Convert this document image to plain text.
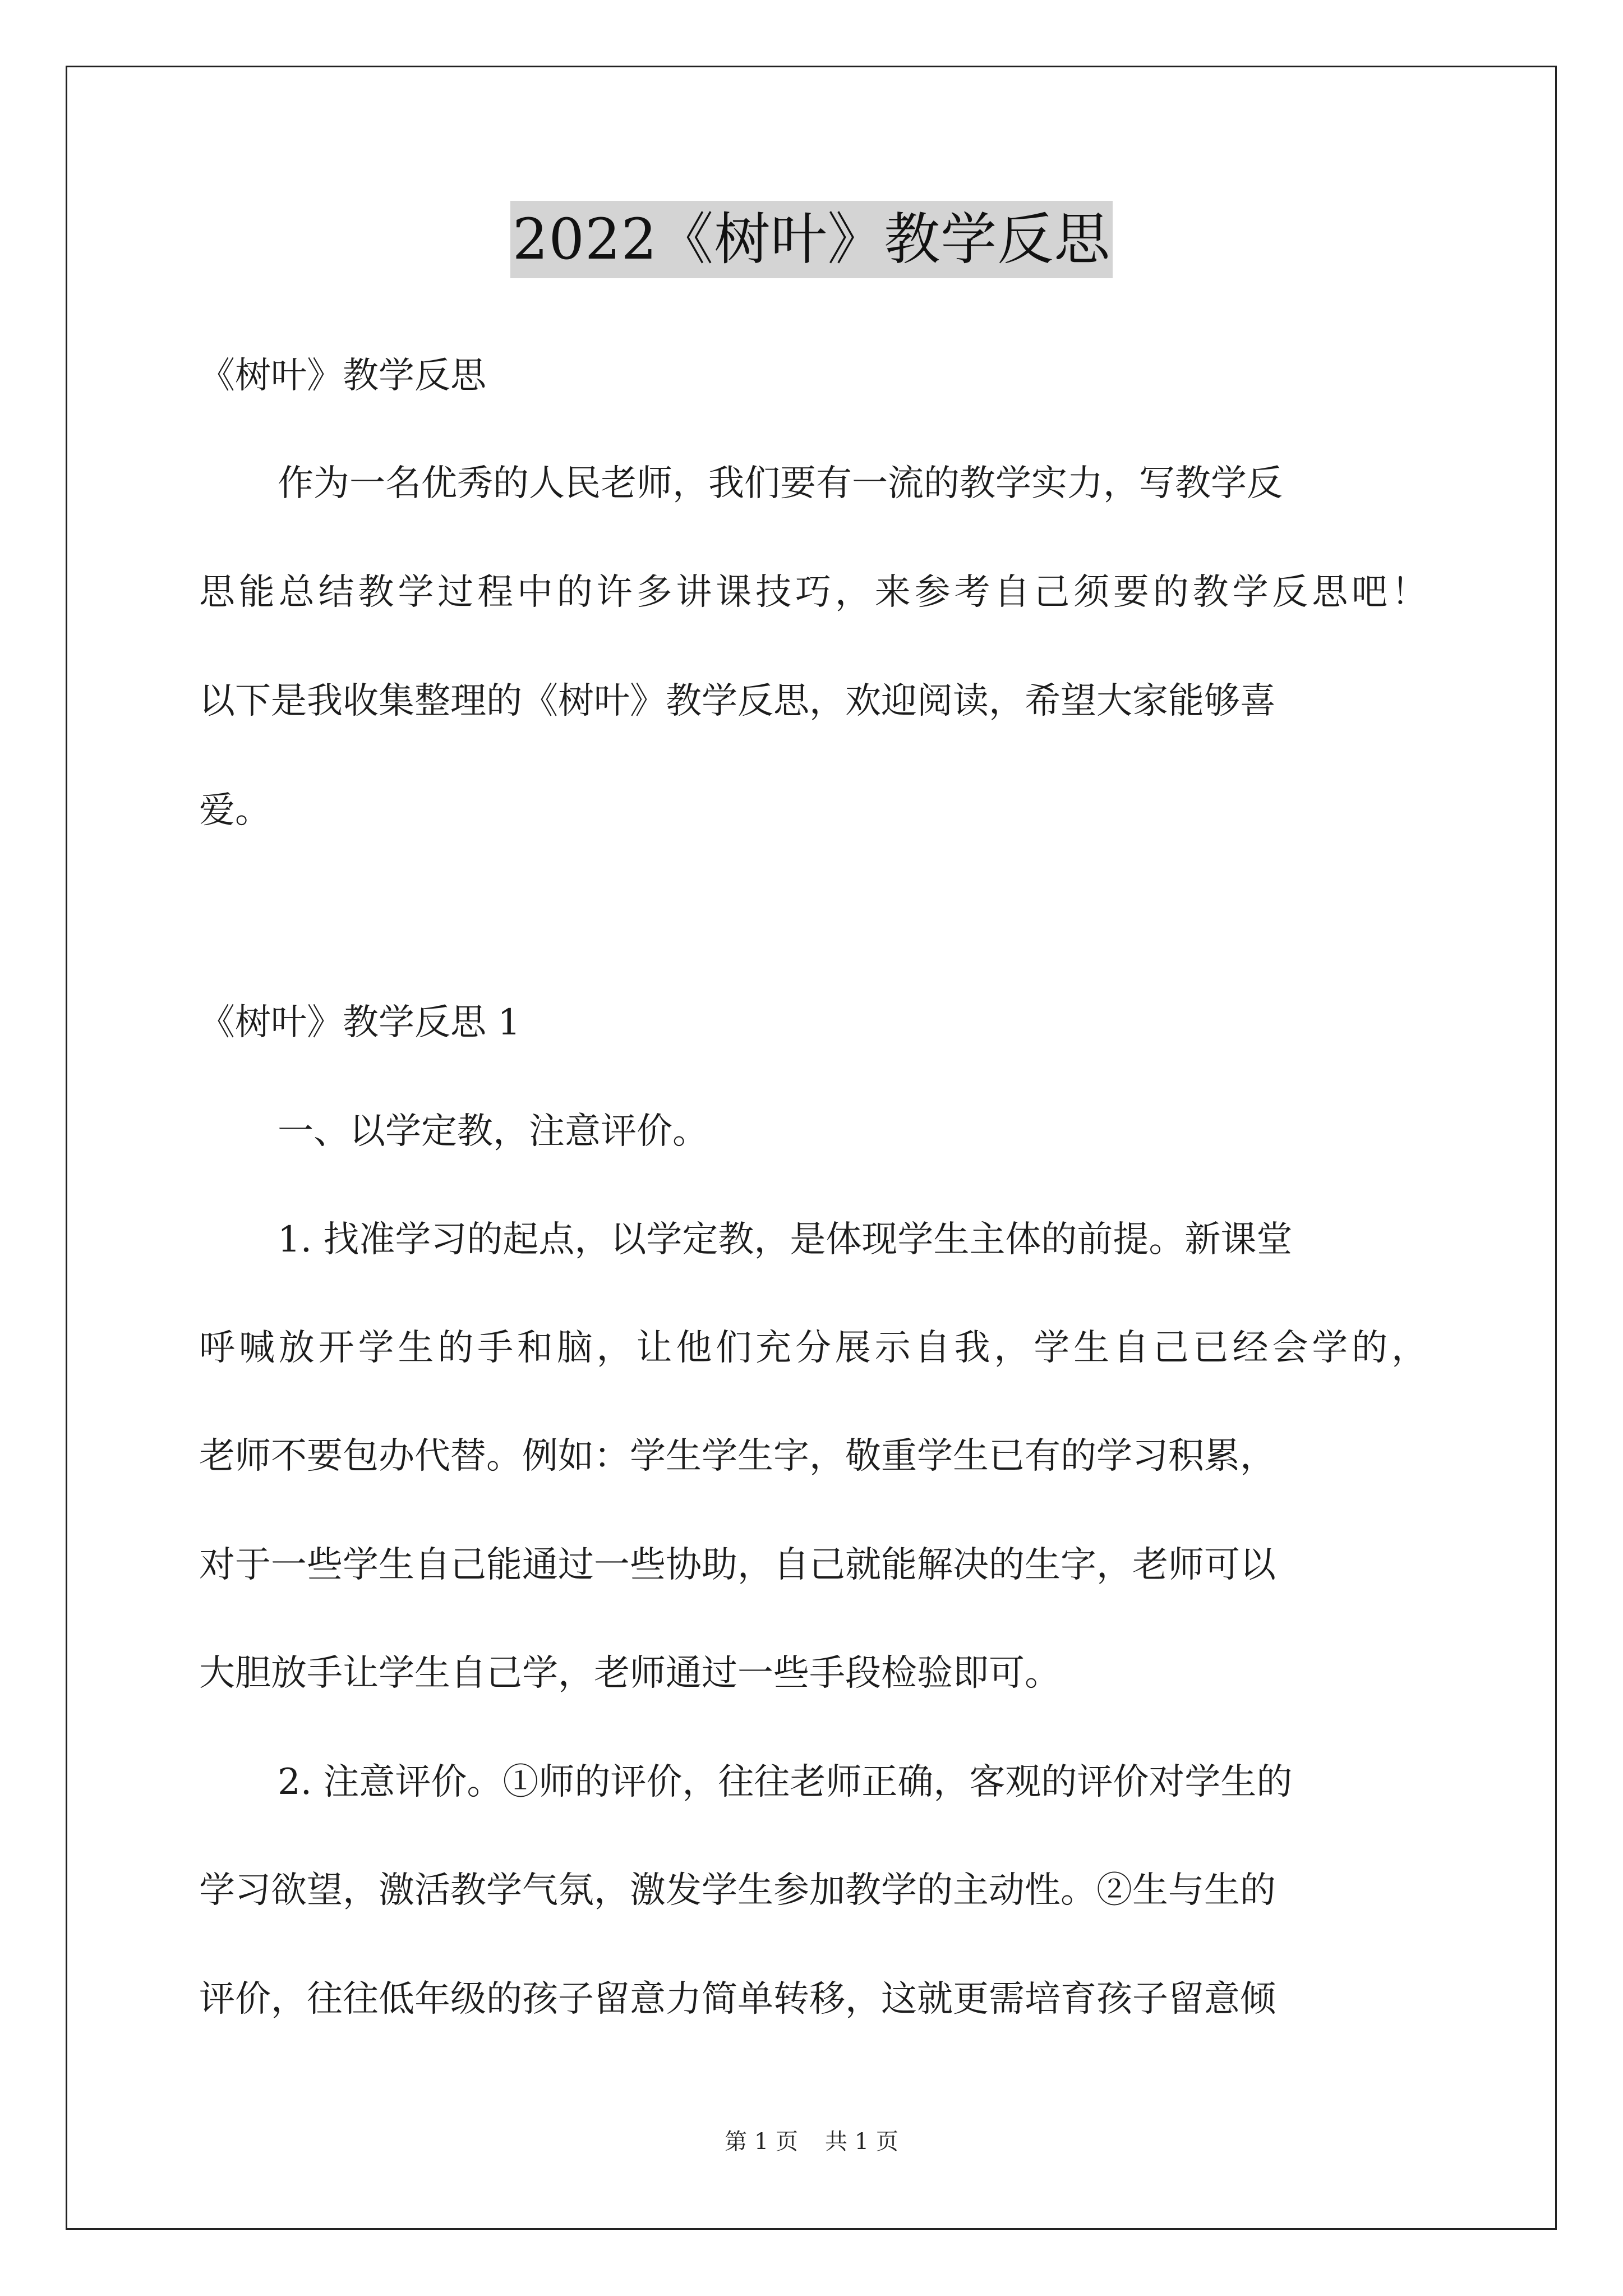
2022《树叶》教学反思
《树叶》教学反思
作为一名优秀的人民老师，我们要有一流的教学实力，写教学反
思能总结教学过程中的许多讲课技巧，来参考自己须要的教学反思吧！
以下是我收集整理的《树叶》教学反思，欢迎阅读，希望大家能够喜
爱。
《树叶》教学反思 1
一、以学定教，注意评价。
1. 找准学习的起点，以学定教，是体现学生主体的前提。新课堂
呼喊放开学生的手和脑，让他们充分展示自我，学生自己已经会学的，
老师不要包办代替。例如：学生学生字，敬重学生已有的学习积累，
对于一些学生自己能通过一些协助，自己就能解决的生字，老师可以
大胆放手让学生自己学，老师通过一些手段检验即可。
2. 注意评价。①师的评价，往往老师正确，客观的评价对学生的
学习欲望，激活教学气氛，激发学生参加教学的主动性。②生与生的
评价，往往低年级的孩子留意力简单转移，这就更需培育孩子留意倾
第 1 页 共 1 页
